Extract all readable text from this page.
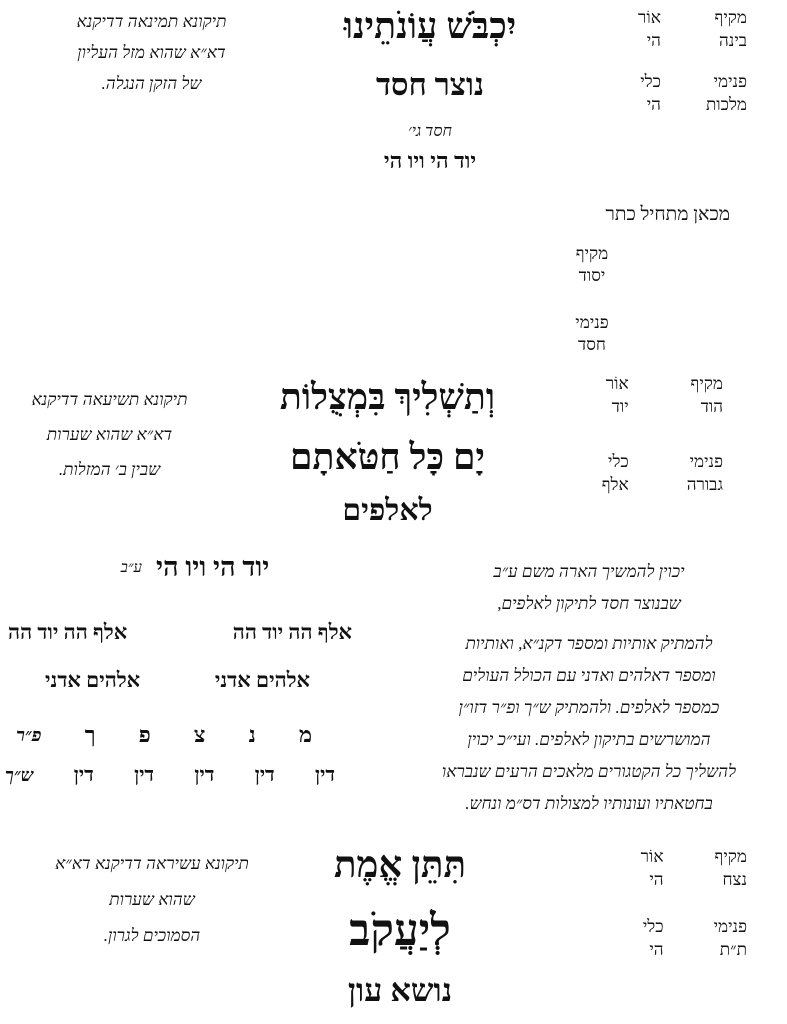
תיקונא תמינאה דדיקנא
דא״א שהוא מזל העליון
של הזקן הנגלה.
יִכְבֹּשׁ עֲוֹנֹתֵינוּ
נוצר חסד
חסד גי׳
יוד הי ויו הי
מקיף
בינה
פנימי
מלכות
אוֹר
הי
כלי
הי
מכאן מתחיל כתר
מקיף
יסוד
פנימי
חסד
תיקונא תשיעאה דדיקנא
דא״א שהוא שערות
שבין ב׳ המזלות.
וְתַשְׁלִיךְ בִּמְצֻלוֹת
יָם כָּל חַטֹּאתָם
לאלפים
מקיף
הוד
פנימי
גבורה
אוֹר
יוד
כלי
אלף
יכוין להמשיך הארה משם ע״ב
שבנוצר חסד לתיקון לאלפים,
להמתיק אותיות ומספר דקנ״א, ואותיות
ומספר דאלהים ואדני עם הכולל העולים
כמספר לאלפים. ולהמתיק ש״ך ופ״ר דזו״ן
המושרשים בתיקון לאלפים. ועי״כ יכוין
להשליך כל הקטגורים מלאכים הרעים שנבראו
בחטאתיו ועונותיו למצולות דס״מ ונחש.
יוד הי ויו הי ע״ב
אלף הה יוד הה
אלף הה יוד הה
אלהים אדני
אלהים אדני
מ
נ
צ
פ
ך
פ״ר
דין
דין
דין
דין
דין
ש״ך
תיקונא עשיראה דדיקנא דא״א
שהוא שערות
הסמוכים לגרון.
תִּתֵּן אֱמֶת
לְיַעֲקֹב
נושא עון
מקיף
נצח
פנימי
ת״ת
אוֹר
הי
כלי
הי
